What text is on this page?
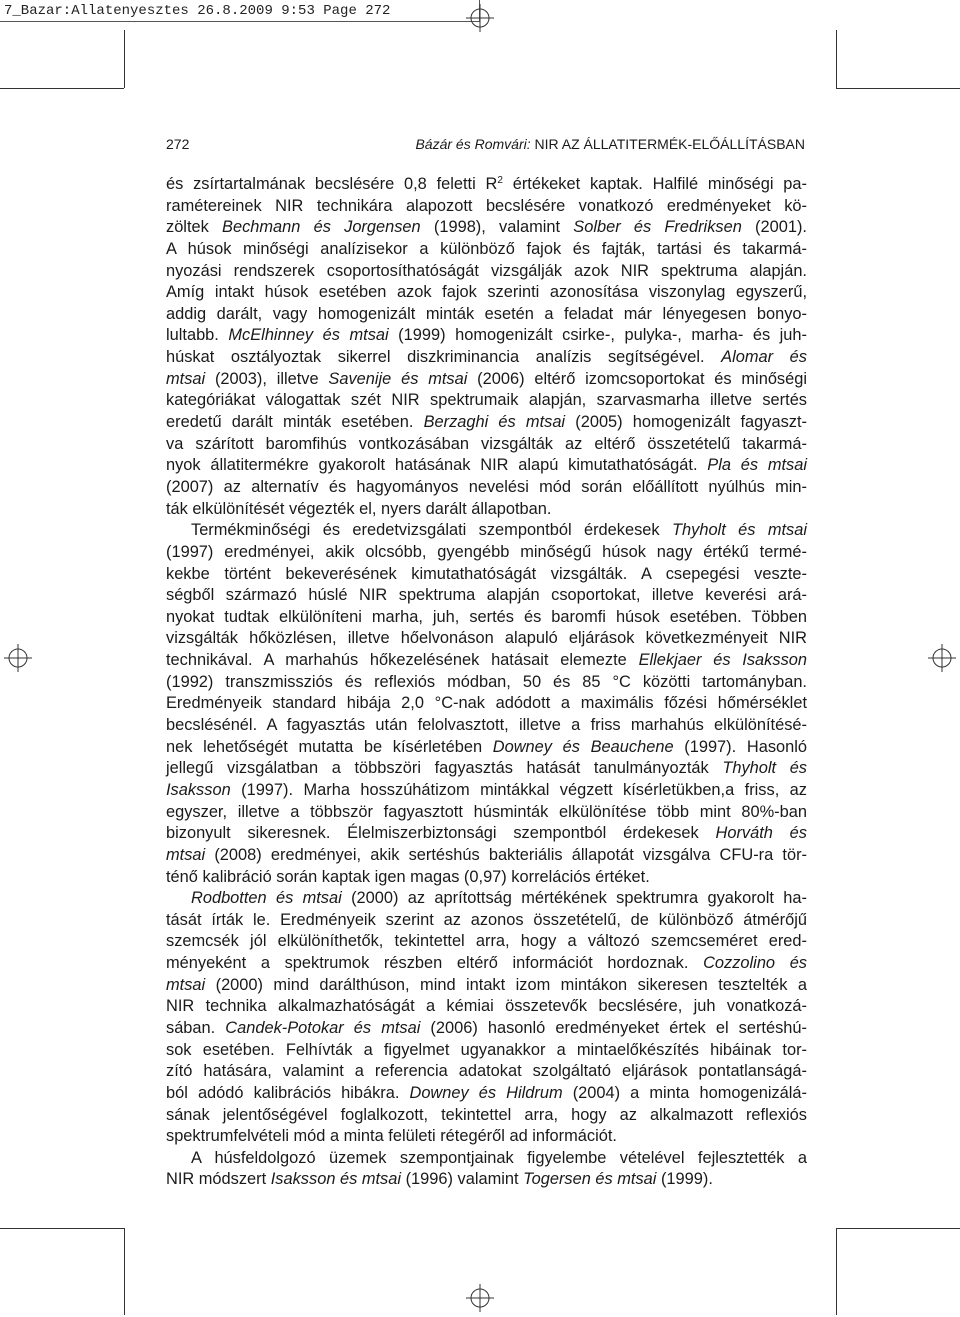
7_Bazar:Allatenyesztes 26.8.2009 9:53 Page 272
272	Bázár és Romvári: NIR AZ ÁLLATITERMÉK-ELŐÁLLÍTÁSBAN
és zsírtartalmának becslésére 0,8 feletti $R^2$ értékeket kaptak. Halfilé minőségi pa-
ramétereinek NIR technikára alapozott becslésére vonatkozó eredményeket kö-
zöltek Bechmann és Jorgensen (1998), valamint Solber és Fredriksen (2001).
A húsok minőségi analízisekor a különböző fajok és fajták, tartási és takarmá-
nyozási rendszerek csoportosíthatóságát vizsgálják azok NIR spektruma alapján.
Amíg intakt húsok esetében azok fajok szerinti azonosítása viszonylag egyszerű,
addig darált, vagy homogenizált minták esetén a feladat már lényegesen bonyo-
lultabb. McElhinney és mtsai (1999) homogenizált csirke-, pulyka-, marha- és juh-
húskat osztályoztak sikerrel diszkriminancia analízis segítségével. Alomar és
mtsai (2003), illetve Savenije és mtsai (2006) eltérő izomcsoportokat és minőségi
kategóriákat válogattak szét NIR spektrumaik alapján, szarvasmarha illetve sertés
eredetű darált minták esetében. Berzaghi és mtsai (2005) homogenizált fagyaszt-
va szárított baromfihús vontkozásában vizsgálták az eltérő összetételű takarmá-
nyok állatitermékre gyakorolt hatásának NIR alapú kimutathatóságát. Pla és mtsai
(2007) az alternatív és hagyományos nevelési mód során előállított nyúlhús min-
ták elkülönítését végezték el, nyers darált állapotban.
Termékminőségi és eredetvizsgálati szempontból érdekesek Thyholt és mtsai
(1997) eredményei, akik olcsóbb, gyengébb minőségű húsok nagy értékű termé-
kekbe történt bekeverésének kimutathatóságát vizsgálták. A csepegési veszte-
ségből származó húslé NIR spektruma alapján csoportokat, illetve keverési ará-
nyokat tudtak elkülöníteni marha, juh, sertés és baromfi húsok esetében. Többen
vizsgálták hőközlésen, illetve hőelvonáson alapuló eljárások következményeit NIR
technikával. A marhahús hőkezelésének hatásait elemezte Ellekjaer és Isaksson
(1992) transzmissziós és reflexiós módban, 50 és 85 °C közötti tartományban.
Eredményeik standard hibája 2,0 °C-nak adódott a maximális főzési hőmérséklet
becslésénél. A fagyasztás után felolvasztott, illetve a friss marhahús elkülönítésé-
nek lehetőségét mutatta be kísérletében Downey és Beauchene (1997). Hasonló
jellegű vizsgálatban a többszöri fagyasztás hatását tanulmányozták Thyholt és
Isaksson (1997). Marha hosszúhátizom mintákkal végzett kísérletükben,a friss, az
egyszer, illetve a többször fagyasztott húsminták elkülönítése több mint 80%-ban
bizonyult sikeresnek. Élelmiszerbiztonsági szempontból érdekesek Horváth és
mtsai (2008) eredményei, akik sertéshús bakteriális állapotát vizsgálva CFU-ra tör-
ténő kalibráció során kaptak igen magas (0,97) korrelációs értéket.
Rodbotten és mtsai (2000) az aprítottság mértékének spektrumra gyakorolt ha-
tását írták le. Eredményeik szerint az azonos összetételű, de különböző átmérőjű
szemcsék jól elkülöníthetők, tekintettel arra, hogy a változó szemcseméret ered-
ményeként a spektrumok részben eltérő információt hordoznak. Cozzolino és
mtsai (2000) mind darálthúson, mind intakt izom mintákon sikeresen tesztelték a
NIR technika alkalmazhatóságát a kémiai összetevők becslésére, juh vonatkozá-
sában. Candek-Potokar és mtsai (2006) hasonló eredményeket értek el sertéshú-
sok esetében. Felhívták a figyelmet ugyanakkor a mintaelőkészítés hibáinak tor-
zító hatására, valamint a referencia adatokat szolgáltató eljárások pontatlanságá-
ból adódó kalibrációs hibákra. Downey és Hildrum (2004) a minta homogenizálá-
sának jelentőségével foglalkozott, tekintettel arra, hogy az alkalmazott reflexiós
spektrumfelvételi mód a minta felületi rétegéről ad információt.
A húsfeldolgozó üzemek szempontjainak figyelembe vételével fejlesztették a
NIR módszert Isaksson és mtsai (1996) valamint Togersen és mtsai (1999).
